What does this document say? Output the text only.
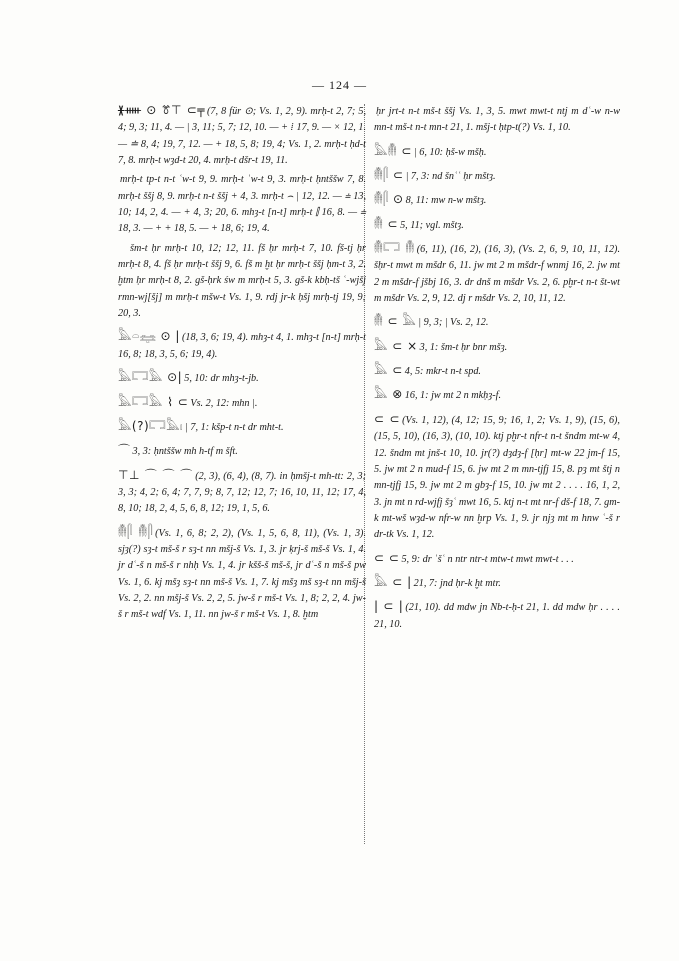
— 124 —

ᚕᚔ ⊙ ꔢ⊤ ⊂╤ (7, 8 für ⊙; Vs. 1, 2, 9). mrḥ-t 2, 7; 5, 4; 9, 3; 11, 4. — | 3, 11; 5, 7; 12, 10. — + ⁞ 17, 9. — × 12, 1. — ≐ 8, 4; 19, 7, 12. — + 18, 5, 8; 19, 4; Vs. 1, 2. mrḥ-t ḥd-t 7, 8. mrḥ-t wȝd-t 20, 4. mrḥ-t dšr-t 19, 11.

mrḥ-t tp-t n-t ʿw-t 9, 9. mrḥ-t ʿw-t 9, 3. mrḥ-t ḥntššw 7, 8. mrḥ-t ššj 8, 9. mrḥ-t n-t ššj + 4, 3. mrḥ-t ⌢ | 12, 12. — ≐ 13, 10; 14, 2, 4. — + 4, 3; 20, 6. mhȝ-t [n-t] mrḥ-t ⫿ 16, 8. — ≐ 18, 3. — + + 18, 5. — + 18, 6; 19, 4.

šm-t ḥr mrḥ-t 10, 12; 12, 11. fš ḥr mrḥ-t 7, 10. fš-tj ḥr mrḥ-t 8, 4. fš ḥr mrḥ-t ššj 9, 6. fš m ḫt ḥr mrḥ-t ššj ḥm-t 3, 2. ḫtm ḥr mrḥ-t 8, 2. gš-ḥrk św m mrḥ-t 5, 3. gš-k kbḥ-tš ʿ-wjšj rmn-wj[šj] m mrḥ-t mšw-t Vs. 1, 9. rdj jr-k ḥšj mrḥ-tj 19, 9; 20, 3.

𓅓𓏏𓈐 ⊙ | (18, 3, 6; 19, 4). mhȝ-t 4, 1. mhȝ-t [n-t] mrḥ-t 16, 8; 18, 3, 5, 6; 19, 4).

𓅓𓉐𓅓 ⊙| 5, 10: dr mhȝ-t-jb.

𓅓𓉐𓅓 ⌇ ⊂ Vs. 2, 12: mhn |.

𓅓(?)𓉐𓅓𓏤 | 7, 1: kšp-t n-t dr mht-t.

⌒ 3, 3: ḥntššw mh h-tf m šft.

⊤⊥ ⌒ ⌒ ⌒ (2, 3), (6, 4), (8, 7). in ḥmšj-t mh-tt: 2, 3; 3, 3; 4, 2; 6, 4; 7, 7, 9; 8, 7, 12; 12, 7; 16, 10, 11, 12; 17, 4, 8, 10; 18, 2, 4, 5, 6, 8, 12; 19, 1, 5, 6.

𓄟𓋴 𓄟𓋴 (Vs. 1, 6, 8; 2, 2), (Vs. 1, 5, 6, 8, 11), (Vs. 1, 3). sjȝ(?) sȝ-t mš-š r sȝ-t nn mšj-š Vs. 1, 3. jr ḳrj-š mš-š Vs. 1, 4. jr dʿ-š n mš-š r nhḥ Vs. 1, 4. jr kšš-š mš-š, jr dʿ-š n mš-š pw Vs. 1, 6. kj mšȝ sȝ-t nn mš-š Vs. 1, 7. kj mšȝ mš sȝ-t nn mšj-š Vs. 2, 2. nn mšj-š Vs. 2, 2, 5. jw-š r mš-t Vs. 1, 8; 2, 2, 4. jw-š r mš-t wdf Vs. 1, 11. nn jw-š r mš-t Vs. 1, 8. ḫtm

ḥr jrt-t n-t mš-t ššj Vs. 1, 3, 5. mwt mwt-t ntj m dʿ-w n-w mn-t mš-t n-t mn-t 21, 1. mšj-t ḥtp-t(?) Vs. 1, 10.

𓅓𓄟 ⊂ | 6, 10: ḥš-w mšḥ.

𓄟𓋴 ⊂ | 7, 3: nd šnʿʿ ḥr mštȝ.

𓄟𓋴 ⊙ 8, 11: mw n-w mštȝ.

𓄟 ⊂ 5, 11; vgl. mštȝ.

𓄟𓉐 𓄟 (6, 11), (16, 2), (16, 3), (Vs. 2, 6, 9, 10, 11, 12). šḥr-t mwt m mšdr 6, 11. jw mt 2 m mšdr-f wnmj 16, 2. jw mt 2 m mšdr-f jšbj 16, 3. dr dnš m mšdr Vs. 2, 6. pḫr-t n-t št-wt m mšdr Vs. 2, 9, 12. dj r mšdr Vs. 2, 10, 11, 12.

𓄟 ⊂ 𓅓 | 9, 3; | Vs. 2, 12.

𓅓 ⊂ × 3, 1: šm-t ḥr bnr mšȝ.

𓅓 ⊂ 4, 5: mkr-t n-t spd.

𓅓 ⊗ 16, 1: jw mt 2 n mkḥȝ-f.

⊂ ⊂ (Vs. 1, 12), (4, 12; 15, 9; 16, 1, 2; Vs. 1, 9), (15, 6), (15, 5, 10), (16, 3), (10, 10). ktj pḫr-t nfr-t n-t šndm mt-w 4, 12. šndm mt jnš-t 10, 10. jr(?) dȝdȝ-f [ḥr] mt-w 22 jm-f 15, 5. jw mt 2 n mud-f 15, 6. jw mt 2 m mn-tjfj 15, 8. pȝ mt štj n mn-tjfj 15, 9. jw mt 2 m gbȝ-f 15, 10. jw mt 2 . . . . 16, 1, 2, 3. jn mt n rd-wjfj šȝʿ mwt 16, 5. ktj n-t mt nr-f dš-f 18, 7. gm-k mt-wš wȝd-w nfr-w nn ḫrp Vs. 1, 9. jr njȝ mt m hnw ʿ-š r dr-tk Vs. 1, 12.

⊂ ⊂ 5, 9: dr ʿšʿ n ntr ntr-t mtw-t mwt mwt-t . . .

𓅓 ⊂ | 21, 7: jnd ḥr-k ḫt mtr.

| ⊂ | (21, 10). dd mdw jn Nb-t-ḥ-t 21, 1. dd mdw ḥr . . . . 21, 10.
